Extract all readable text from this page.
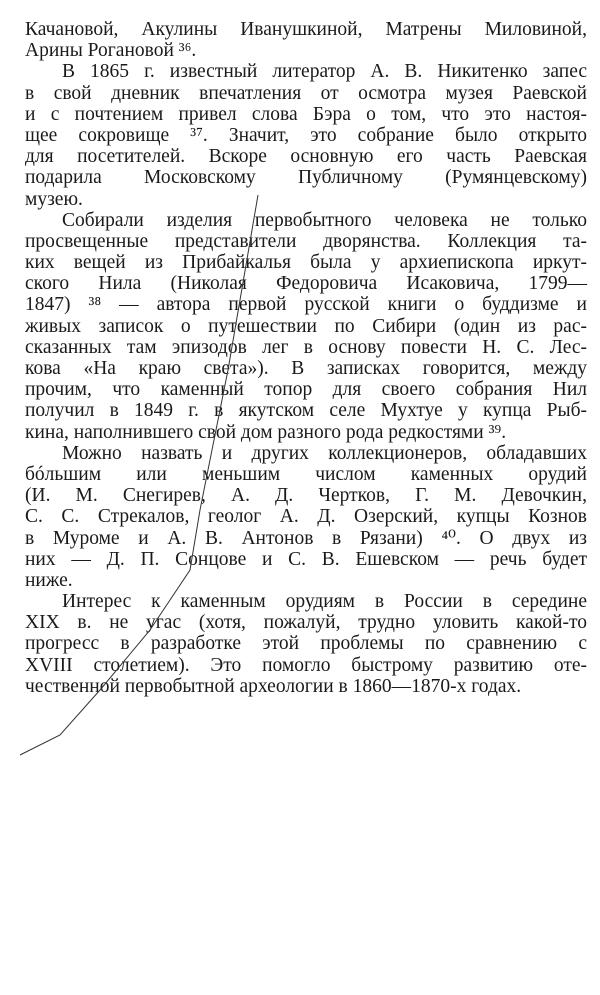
Качановой, Акулины Иванушкиной, Матрены Миловиной,
Арины Рогановой ³⁶.
В 1865 г. известный литератор А. В. Никитенко запес
в свой дневник впечатления от осмотра музея Раевской
и с почтением привел слова Бэра о том, что это настоя-
щее сокровище ³⁷. Значит, это собрание было открыто
для посетителей. Вскоре основную его часть Раевская
подарила Московскому Публичному (Румянцевскому)
музею.
Собирали изделия первобытного человека не только
просвещенные представители дворянства. Коллекция та-
ких вещей из Прибайкалья была у архиепископа иркут-
ского Нила (Николая Федоровича Исаковича, 1799—
1847) ³⁸ — автора первой русской книги о буддизме и
живых записок о путешествии по Сибири (один из рас-
сказанных там эпизодов лег в основу повести Н. С. Лес-
кова «На краю света»). В записках говорится, между
прочим, что каменный топор для своего собрания Нил
получил в 1849 г. в якутском селе Мухтуе у купца Рыб-
кина, наполнившего свой дом разного рода редкостями ³⁹.
Можно назвать и других коллекционеров, обладавших
бóльшим или меньшим числом каменных орудий
(И. М. Снегирев, А. Д. Чертков, Г. М. Девочкин,
С. С. Стрекалов, геолог А. Д. Озерский, купцы Кознов
в Муроме и А. В. Антонов в Рязани) ⁴⁰. О двух из
них — Д. П. Сонцове и С. В. Ешевском — речь будет
ниже.
Интерес к каменным орудиям в России в середине
XIX в. не угас (хотя, пожалуй, трудно уловить какой-то
прогресс в разработке этой проблемы по сравнению с
XVIII столетием). Это помогло быстрому развитию оте-
чественной первобытной археологии в 1860—1870-х годах.
